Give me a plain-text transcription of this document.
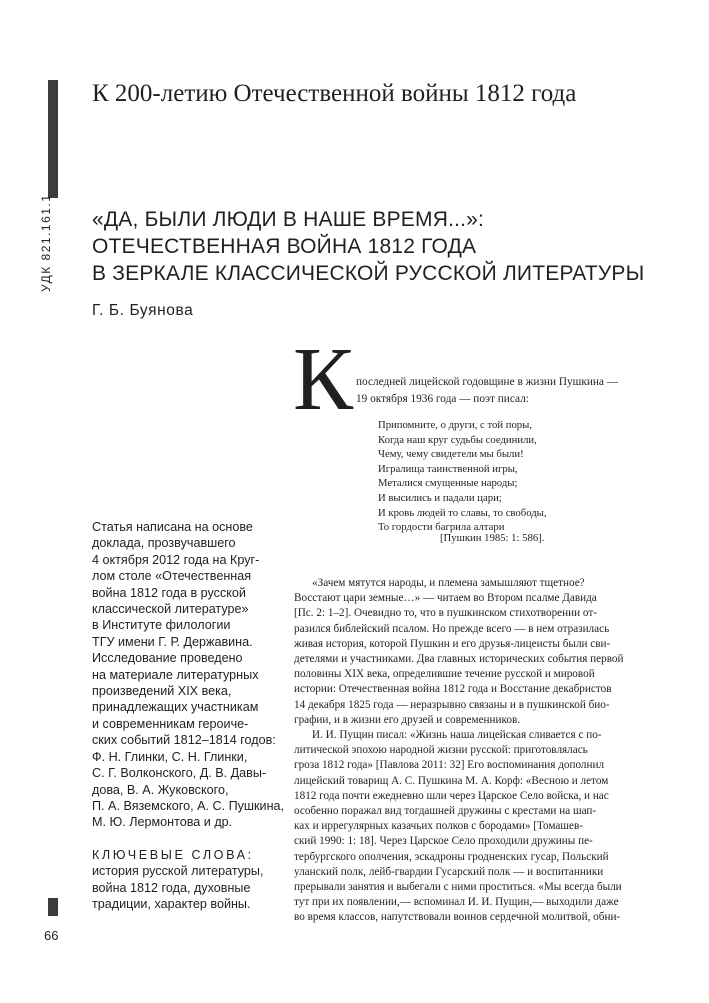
УДК 821.161.1
66
К 200-летию Отечественной войны 1812 года
«ДА, БЫЛИ ЛЮДИ В НАШЕ ВРЕМЯ...»:
ОТЕЧЕСТВЕННАЯ ВОЙНА 1812 ГОДА
В ЗЕРКАЛЕ КЛАССИЧЕСКОЙ РУССКОЙ ЛИТЕРАТУРЫ
Г. Б. Буянова
Статья написана на основе
доклада, прозвучавшего
4 октября 2012 года на Круг-
лом столе «Отечественная
война 1812 года в русской
классической литературе»
в Институте филологии
ТГУ имени Г. Р. Державина.
Исследование проведено
на материале литературных
произведений XIX века,
принадлежащих участникам
и современникам героиче-
ских событий 1812–1814 годов:
Ф. Н. Глинки, С. Н. Глинки,
С. Г. Волконского, Д. В. Давы-
дова, В. А. Жуковского,
П. А. Вяземского, А. С. Пушкина,
М. Ю. Лермонтова и др.
КЛЮЧЕВЫЕ СЛОВА:
история русской литературы,
война 1812 года, духовные
традиции, характер войны.
К последней лицейской годовщине в жизни Пушкина —
19 октября 1936 года — поэт писал:
Припомните, о други, с той поры,
Когда наш круг судьбы соединили,
Чему, чему свидетели мы были!
Игралища таинственной игры,
Металися смущенные народы;
И высились и падали цари;
И кровь людей то славы, то свободы,
То гордости багрила алтари
[Пушкин 1985: 1: 586].
«Зачем мятутся народы, и племена замышляют тщетное?
Восстают цари земные…» — читаем во Втором псалме Давида
[Пс. 2: 1–2]. Очевидно то, что в пушкинском стихотворении от-
разился библейский псалом. Но прежде всего — в нем отразилась
живая история, которой Пушкин и его друзья-лицеисты были сви-
детелями и участниками. Два главных исторических события первой
половины XIX века, определившие течение русской и мировой
истории: Отечественная война 1812 года и Восстание декабристов
14 декабря 1825 года — неразрывно связаны и в пушкинской био-
графии, и в жизни его друзей и современников.
И. И. Пущин писал: «Жизнь наша лицейская сливается с по-
литической эпохою народной жизни русской: приготовлялась
гроза 1812 года» [Павлова 2011: 32] Его воспоминания дополнил
лицейский товарищ А. С. Пушкина М. А. Корф: «Весною и летом
1812 года почти ежедневно шли через Царское Село войска, и нас
особенно поражал вид тогдашней дружины с крестами на шап-
ках и иррегулярных казачьих полков с бородами» [Томашев-
ский 1990: 1: 18]. Через Царское Село проходили дружины пе-
тербургского ополчения, эскадроны гродненских гусар, Польский
уланский полк, лейб-гвардии Гусарский полк — и воспитанники
прерывали занятия и выбегали с ними проститься. «Мы всегда были
тут при их появлении,— вспоминал И. И. Пущин,— выходили даже
во время классов, напутствовали воинов сердечной молитвой, обни-
